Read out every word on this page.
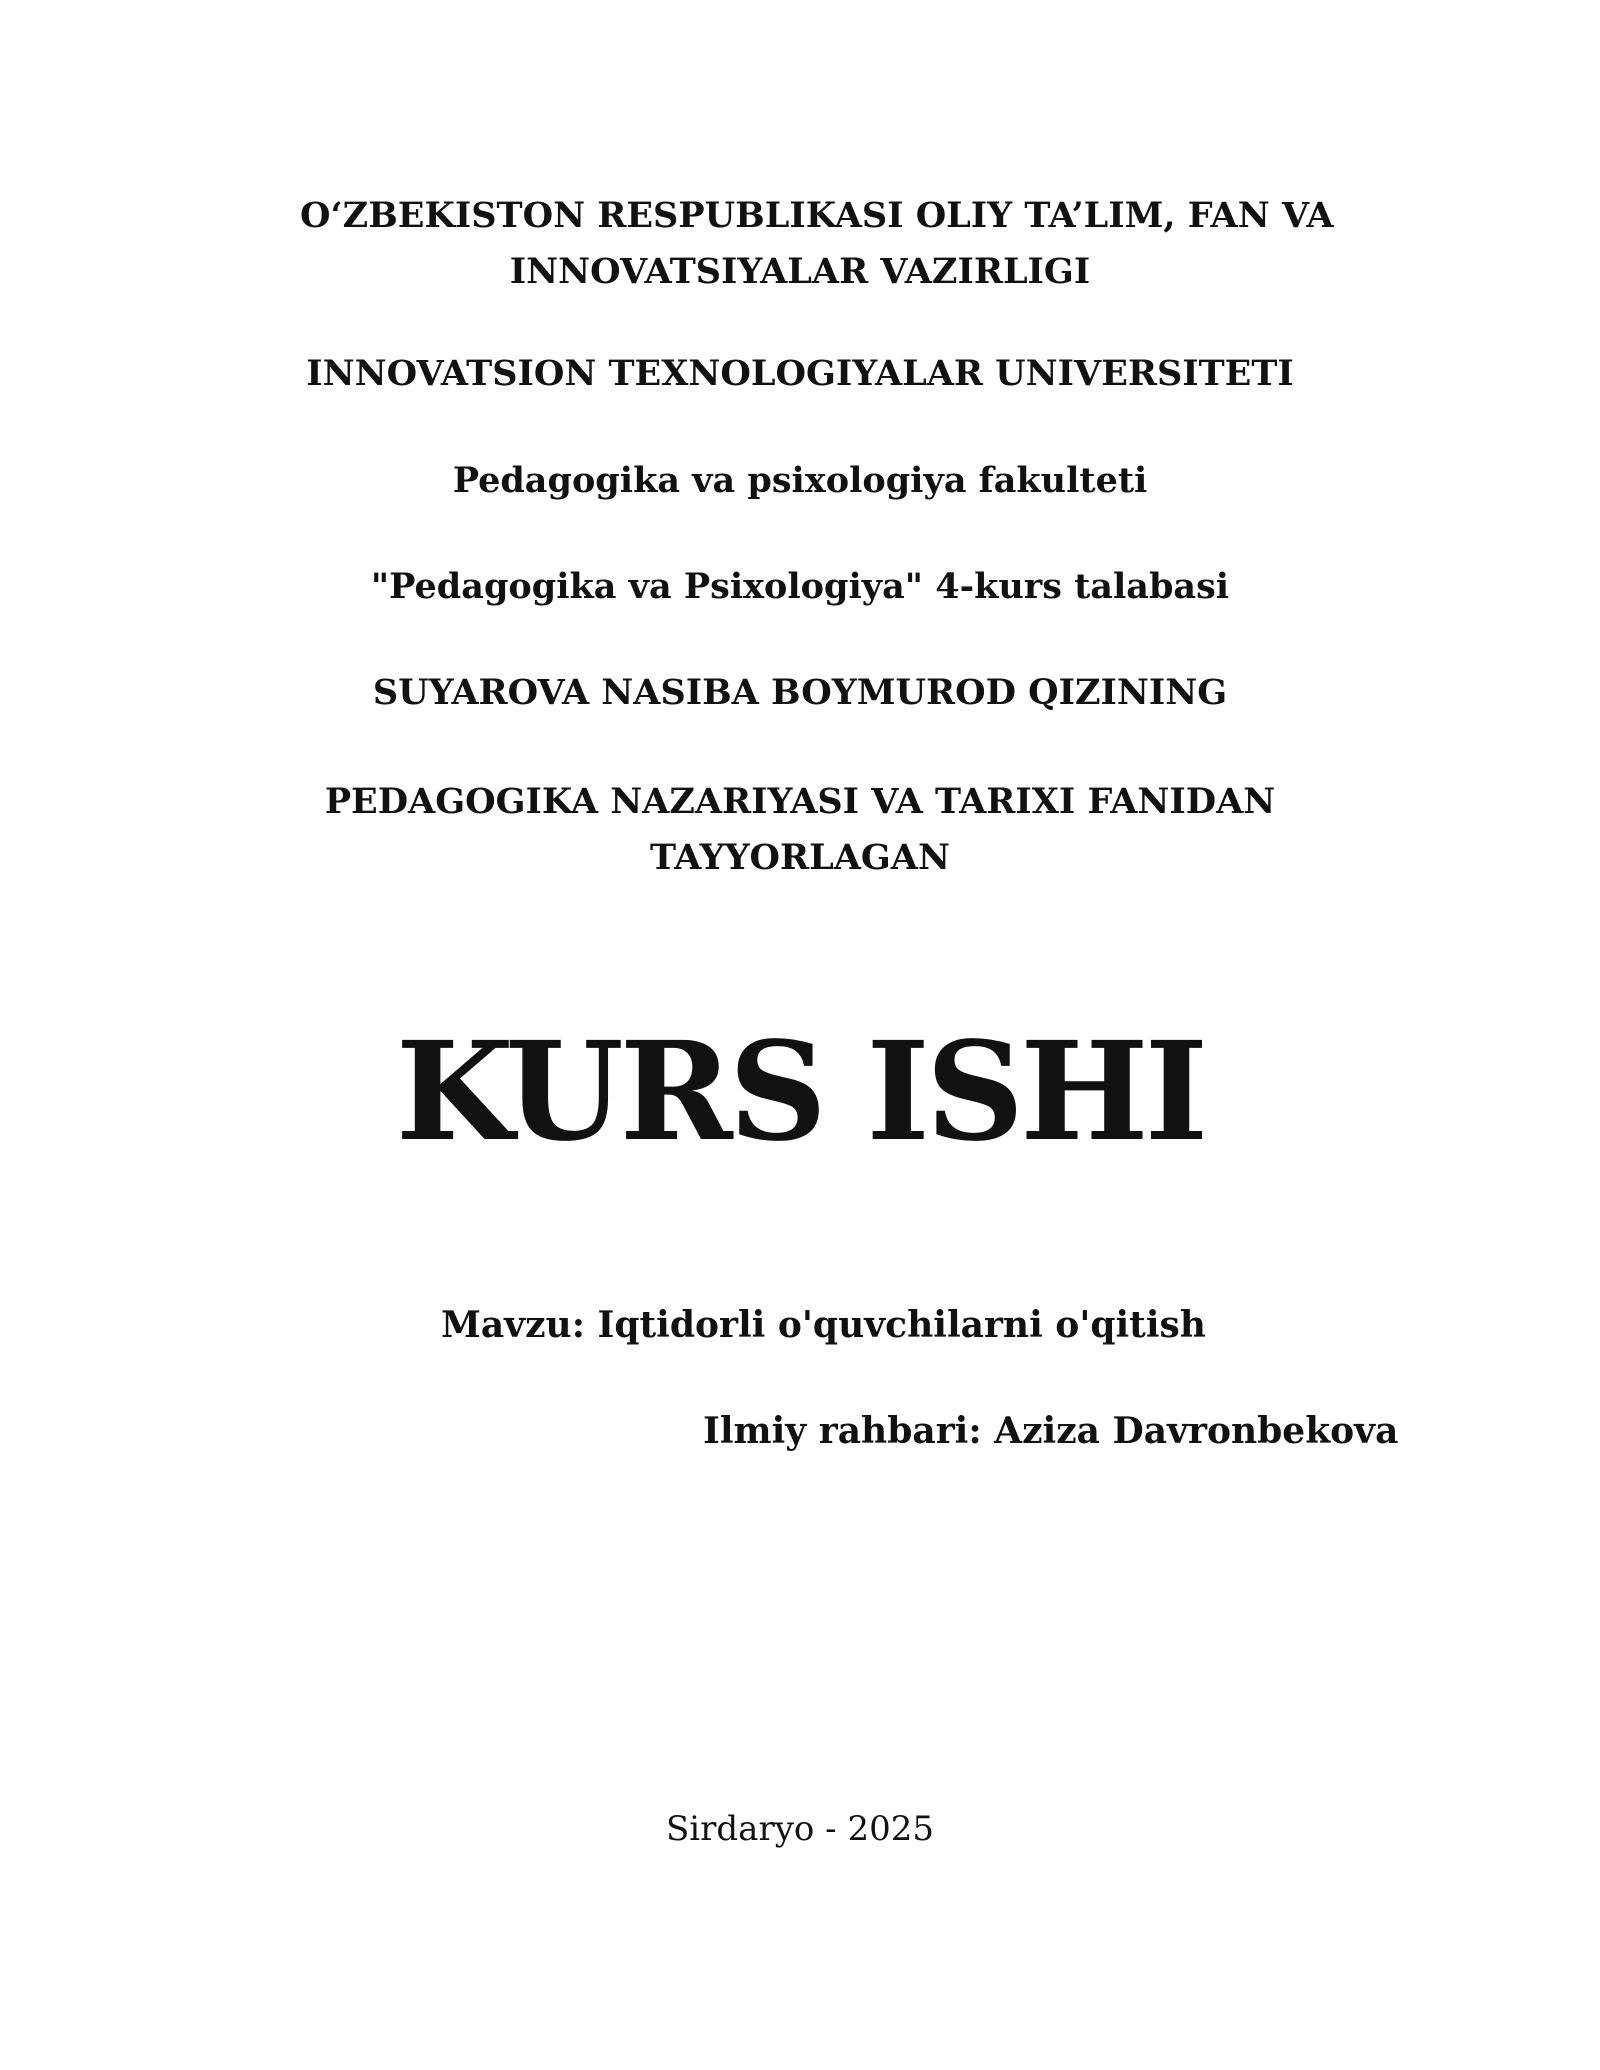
O‘ZBEKISTON RESPUBLIKASI OLIY TA’LIM, FAN VA
INNOVATSIYALAR VAZIRLIGI
INNOVATSION TEXNOLOGIYALAR UNIVERSITETI
Pedagogika va psixologiya fakulteti
"Pedagogika va Psixologiya" 4-kurs talabasi
SUYAROVA NASIBA BOYMUROD QIZINING
PEDAGOGIKA NAZARIYASI VA TARIXI FANIDAN
TAYYORLAGAN
KURS ISHI
Mavzu: Iqtidorli o'quvchilarni o'qitish
Ilmiy rahbari: Aziza Davronbekova
Sirdaryo - 2025
